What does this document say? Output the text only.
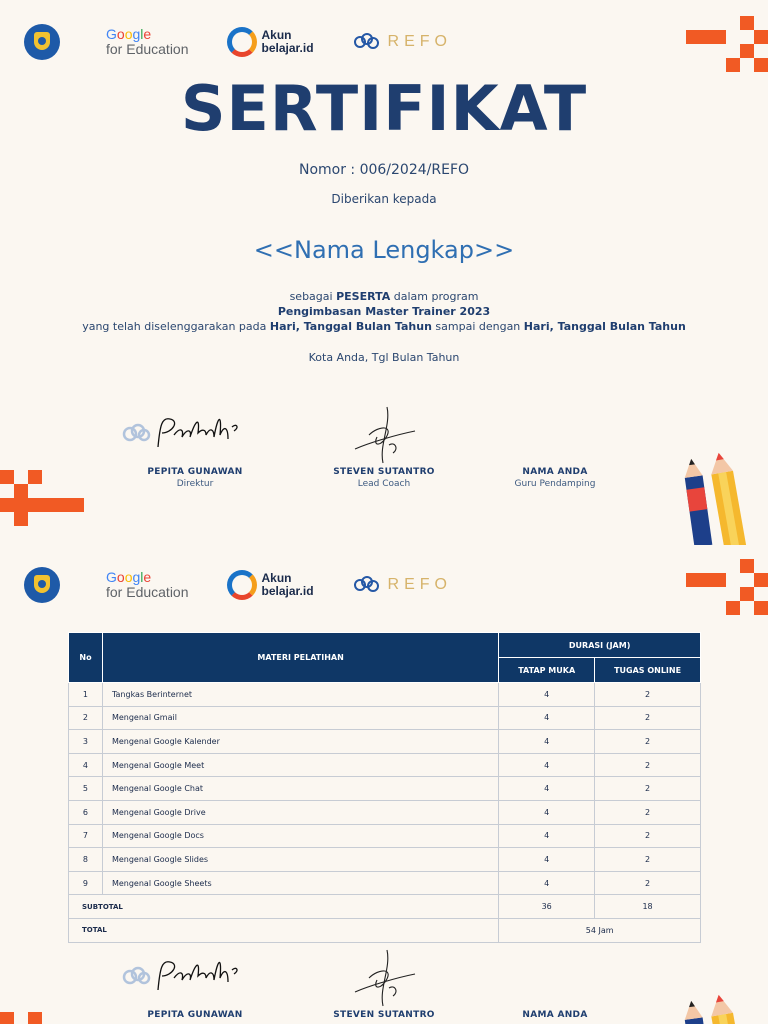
Google
for Education
Akun
belajar.id	REFO
SERTIFIKAT
Nomor : 006/2024/REFO
Diberikan kepada
<<Nama Lengkap>>
sebagai PESERTA dalam program
Pengimbasan Master Trainer 2023
yang telah diselenggarakan pada Hari, Tanggal Bulan Tahun sampai dengan Hari, Tanggal Bulan Tahun
Kota Anda, Tgl Bulan Tahun
PEPITA GUNAWAN
Direktur
STEVEN SUTANTRO
Lead Coach
NAMA ANDA
Guru Pendamping
Google
for Education
Akun
belajar.id	REFO
No	MATERI PELATIHAN	DURASI (JAM)	
		TATAP MUKA	TUGAS ONLINE
1	Tangkas Berinternet	4	2
2	Mengenal Gmail	4	2
3	Mengenal Google Kalender	4	2
4	Mengenal Google Meet	4	2
5	Mengenal Google Chat	4	2
6	Mengenal Google Drive	4	2
7	Mengenal Google Docs	4	2
8	Mengenal Google Slides	4	2
9	Mengenal Google Sheets	4	2
SUBTOTAL		36	18
TOTAL		54 Jam	
PEPITA GUNAWAN	STEVEN SUTANTRO	NAMA ANDA
